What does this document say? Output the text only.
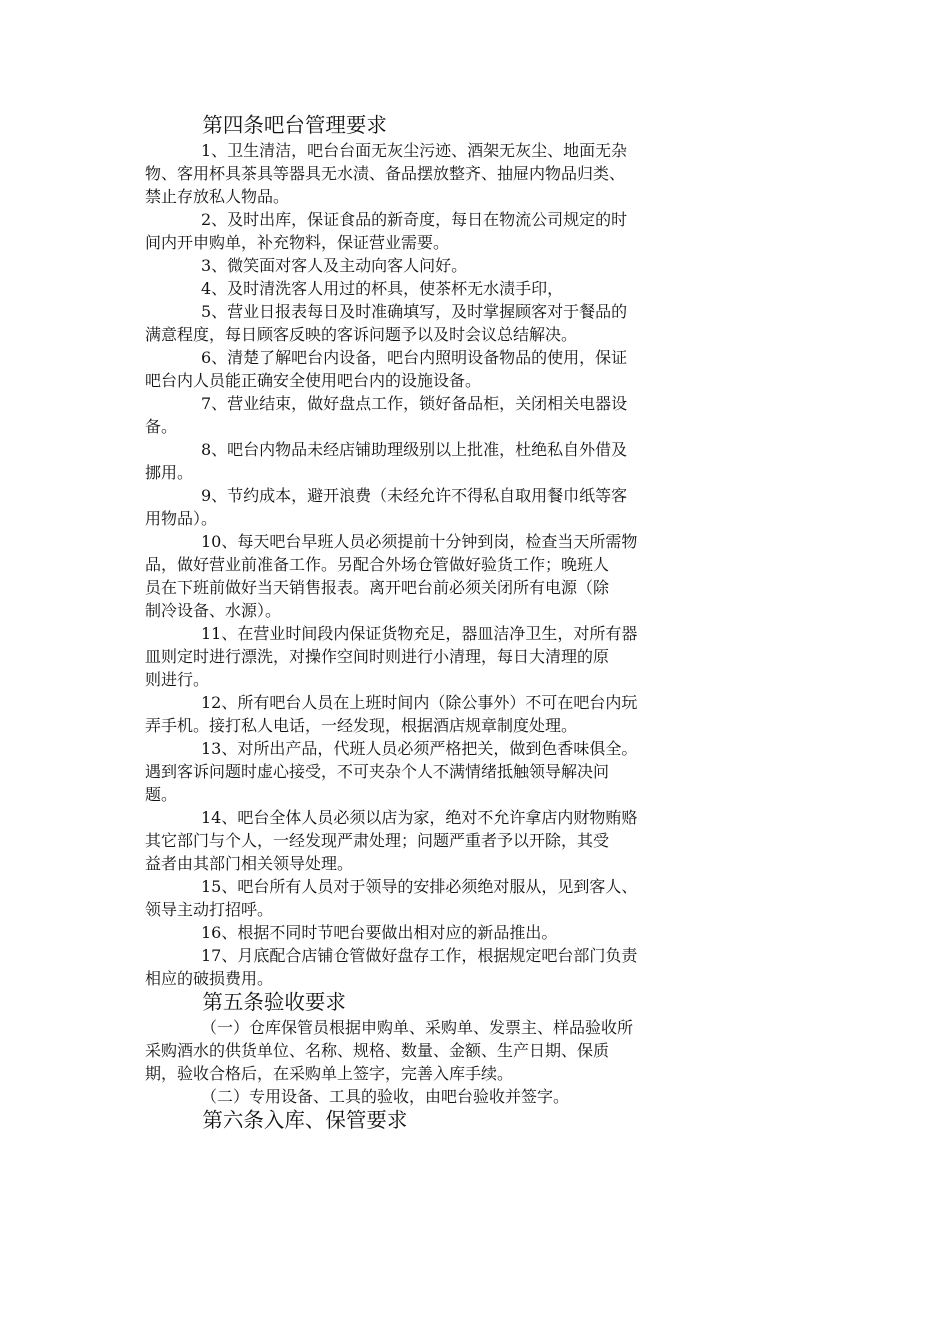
第四条吧台管理要求

1、卫生清洁，吧台台面无灰尘污迹、酒架无灰尘、地面无杂
物、客用杯具茶具等器具无水渍、备品摆放整齐、抽屉内物品归类、
禁止存放私人物品。
2、及时出库，保证食品的新奇度，每日在物流公司规定的时
间内开申购单，补充物料，保证营业需要。
3、微笑面对客人及主动向客人问好。
4、及时清洗客人用过的杯具，使茶杯无水渍手印，
5、营业日报表每日及时准确填写，及时掌握顾客对于餐品的
满意程度，每日顾客反映的客诉问题予以及时会议总结解决。
6、清楚了解吧台内设备，吧台内照明设备物品的使用，保证
吧台内人员能正确安全使用吧台内的设施设备。
7、营业结束，做好盘点工作，锁好备品柜，关闭相关电器设
备。
8、吧台内物品未经店铺助理级别以上批准，杜绝私自外借及
挪用。
9、节约成本，避开浪费（未经允许不得私自取用餐巾纸等客
用物品）。
10、每天吧台早班人员必须提前十分钟到岗，检查当天所需物
品，做好营业前准备工作。另配合外场仓管做好验货工作；晚班人
员在下班前做好当天销售报表。离开吧台前必须关闭所有电源（除
制冷设备、水源）。
11、在营业时间段内保证货物充足，器皿洁净卫生，对所有器
皿则定时进行漂洗，对操作空间时则进行小清理，每日大清理的原
则进行。
12、所有吧台人员在上班时间内（除公事外）不可在吧台内玩
弄手机。接打私人电话，一经发现，根据酒店规章制度处理。
13、对所出产品，代班人员必须严格把关，做到色香味俱全。
遇到客诉问题时虚心接受，不可夹杂个人不满情绪抵触领导解决问
题。
14、吧台全体人员必须以店为家，绝对不允许拿店内财物贿赂
其它部门与个人，一经发现严肃处理；问题严重者予以开除，其受
益者由其部门相关领导处理。
15、吧台所有人员对于领导的安排必须绝对服从，见到客人、
领导主动打招呼。
16、根据不同时节吧台要做出相对应的新品推出。
17、月底配合店铺仓管做好盘存工作，根据规定吧台部门负责
相应的破损费用。

第五条验收要求

（一）仓库保管员根据申购单、采购单、发票主、样品验收所
采购酒水的供货单位、名称、规格、数量、金额、生产日期、保质
期，验收合格后，在采购单上签字，完善入库手续。
（二）专用设备、工具的验收，由吧台验收并签字。

第六条入库、保管要求
